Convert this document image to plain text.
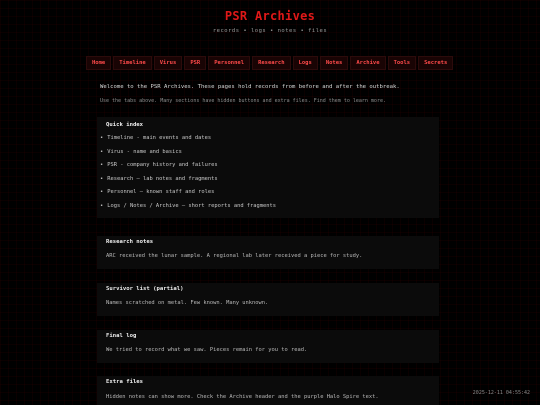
PSR Archives
records • logs • notes • files
Home	Timeline	Virus	PSR	Personnel	Research	Logs	Notes	Archive	Tools	Secrets

Welcome to the PSR Archives. These pages hold records from before and after the outbreak.

Use the tabs above. Many sections have hidden buttons and extra files. Find them to learn more.

Quick index
• Timeline - main events and dates
• Virus - name and basics
• PSR - company history and failures
• Research — lab notes and fragments
• Personnel — known staff and roles
• Logs / Notes / Archive — short reports and fragments
Research notes
ARC received the lunar sample. A regional lab later received a piece for study.
Survivor list (partial)
Names scratched on metal. Few known. Many unknown.
Final log
We tried to record what we saw. Pieces remain for you to read.
Extra files
Hidden notes can show more. Check the Archive header and the purple Halo Spire text.
2025-12-11 04:55:42
